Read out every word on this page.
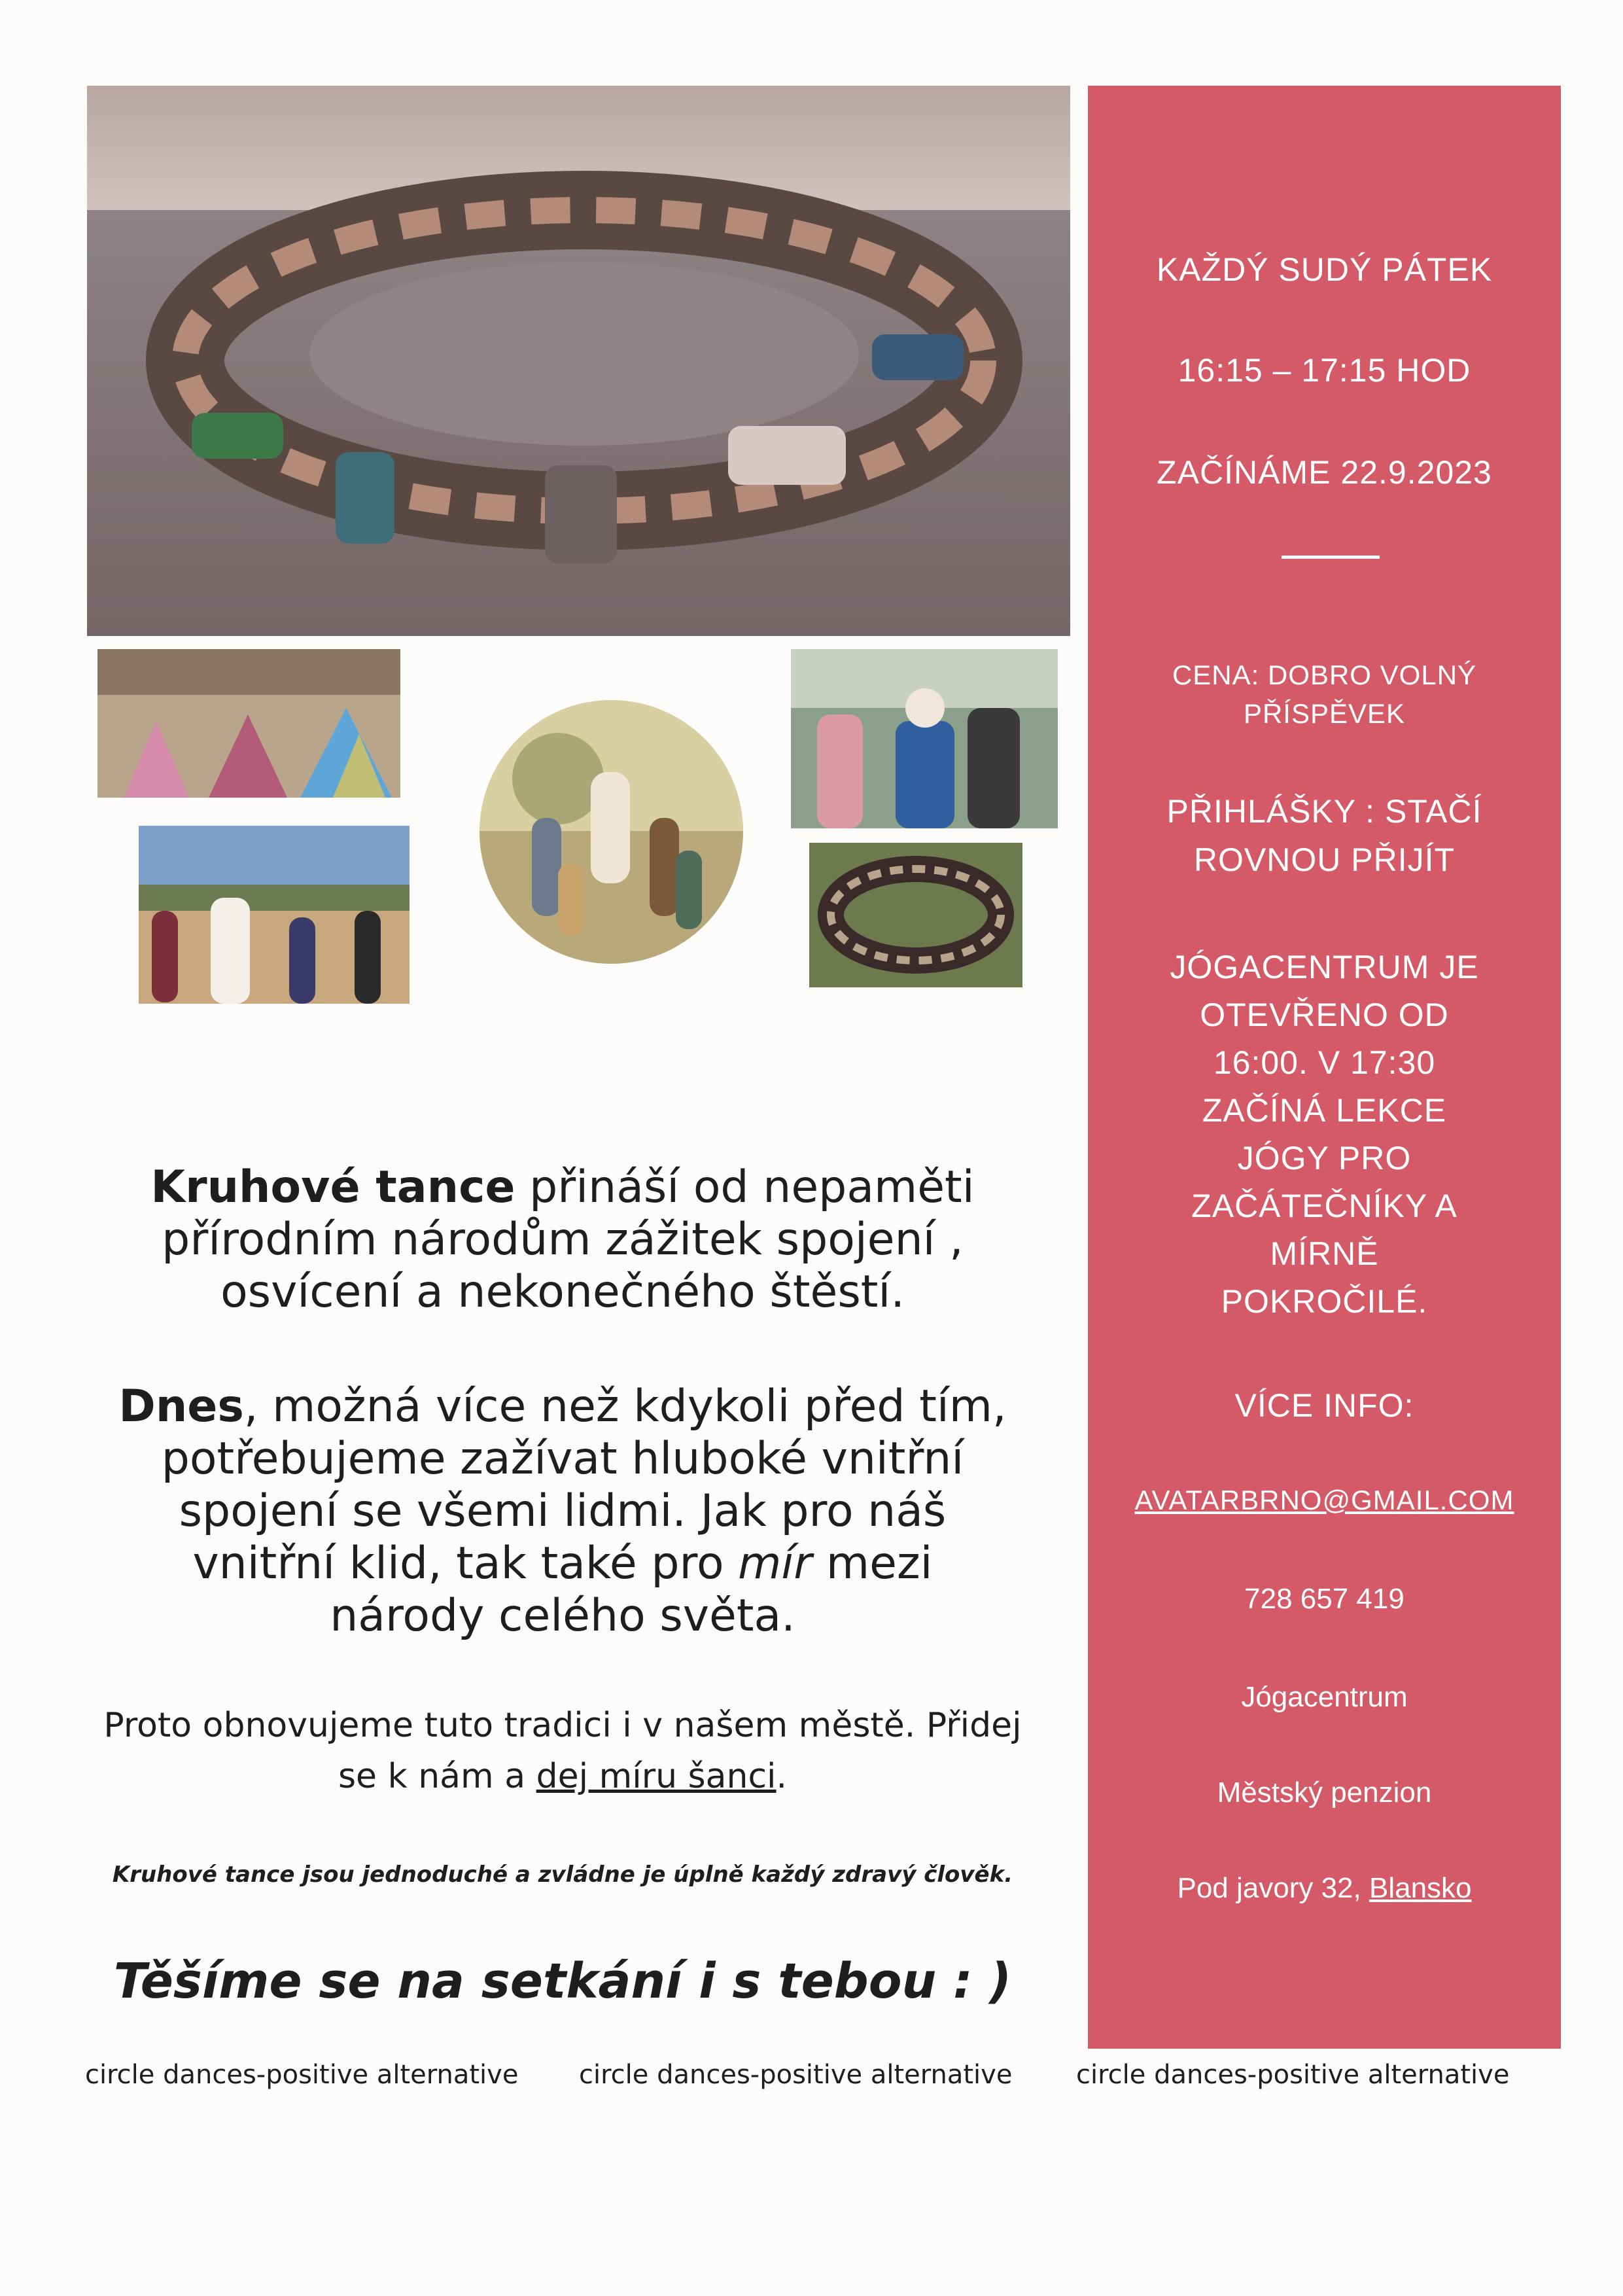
KAŽDÝ SUDÝ PÁTEK
16:15 – 17:15 HOD
ZAČÍNÁME 22.9.2023
CENA: DOBRO VOLNÝ
PŘÍSPĚVEK
PŘIHLÁŠKY : STAČÍ
ROVNOU PŘIJÍT
JÓGACENTRUM JE
OTEVŘENO OD
16:00. V 17:30
ZAČÍNÁ LEKCE
JÓGY PRO
ZAČÁTEČNÍKY A
MÍRNĚ
POKROČILÉ.
VÍCE INFO:
AVATARBRNO@GMAIL.COM
728 657 419
Jógacentrum
Městský penzion
Pod javory 32, Blansko
Kruhové tance přináší od nepaměti
přírodním národům zážitek spojení ,
osvícení a nekonečného štěstí.
Dnes, možná více než kdykoli před tím,
potřebujeme zažívat hluboké vnitřní
spojení se všemi lidmi. Jak pro náš
vnitřní klid, tak také pro mír mezi
národy celého světa.
Proto obnovujeme tuto tradici i v našem městě. Přidej
se k nám a dej míru šanci.
Kruhové tance jsou jednoduché a zvládne je úplně každý zdravý člověk.
Těšíme se na setkání i s tebou : )
circle dances-positive alternative circle dances-positive alternative circle dances-positive alternative
